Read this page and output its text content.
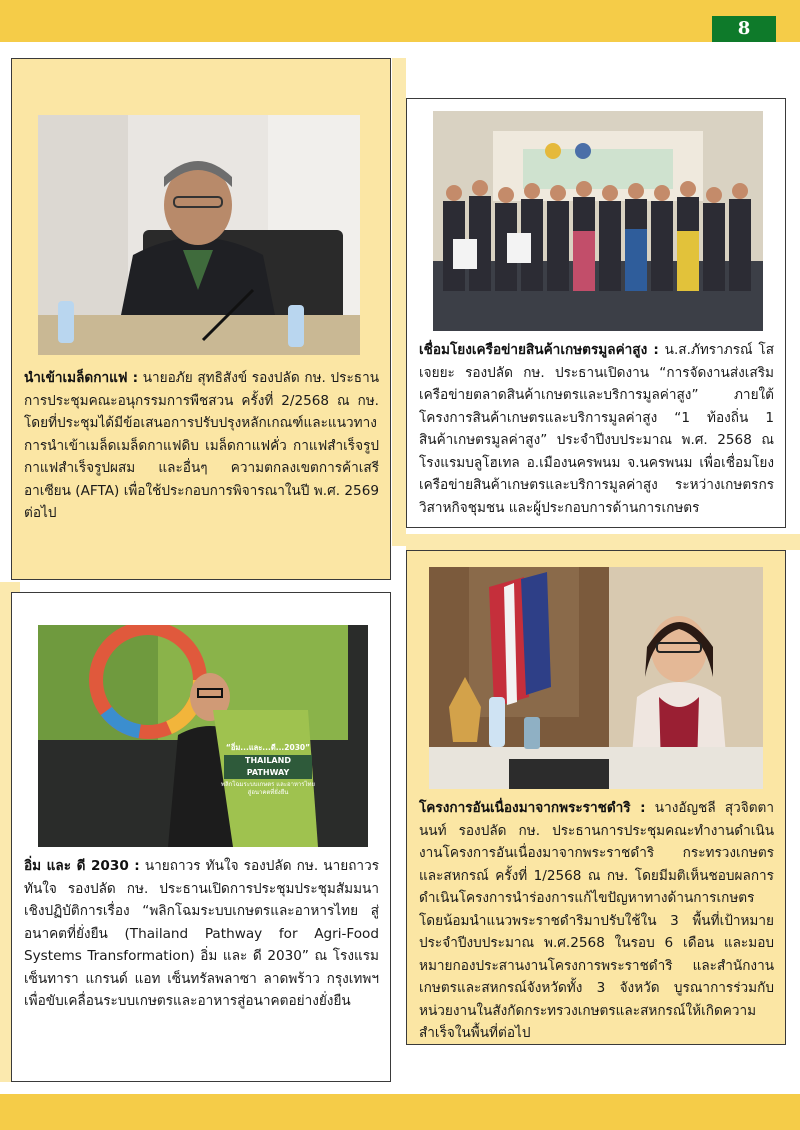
8
นำเข้าเมล็ดกาแฟ : นายอภัย สุทธิสังข์ รองปลัด กษ. ประธานการประชุมคณะอนุกรรมการพืชสวน ครั้งที่ 2/2568 ณ กษ. โดยที่ประชุมได้มีข้อเสนอการปรับปรุงหลักเกณฑ์และแนวทางการนำเข้าเมล็ดเมล็ดกาแฟดิบ เมล็ดกาแฟคั่ว กาแฟสำเร็จรูป กาแฟสำเร็จรูปผสม และอื่นๆ ความตกลงเขตการค้าเสรีอาเซียน (AFTA) เพื่อใช้ประกอบการพิจารณาในปี พ.ศ. 2569 ต่อไป
เชื่อมโยงเครือข่ายสินค้าเกษตรมูลค่าสูง : น.ส.ภัทราภรณ์ โสเจยยะ รองปลัด กษ. ประธานเปิดงาน “การจัดงานส่งเสริมเครือข่ายตลาดสินค้าเกษตรและบริการมูลค่าสูง” ภายใต้โครงการสินค้าเกษตรและบริการมูลค่าสูง “1 ท้องถิ่น 1 สินค้าเกษตรมูลค่าสูง” ประจำปีงบประมาณ พ.ศ. 2568 ณ โรงแรมบลูโฮเทล อ.เมืองนครพนม จ.นครพนม เพื่อเชื่อมโยงเครือข่ายสินค้าเกษตรและบริการมูลค่าสูง ระหว่างเกษตรกร วิสาหกิจชุมชน และผู้ประกอบการด้านการเกษตร
“อิ่ม...และ...ดี...2030”
THAILAND PATHWAY
พลิกโฉมระบบเกษตร และอาหารไทย สู่อนาคตที่ยั่งยืน
อิ่ม และ ดี 2030 : นายถาวร ทันใจ รองปลัด กษ. นายถาวร ทันใจ รองปลัด กษ. ประธานเปิดการประชุมประชุมสัมมนาเชิงปฏิบัติการเรื่อง “พลิกโฉมระบบเกษตรและอาหารไทย สู่อนาคตที่ยั่งยืน (Thailand Pathway for Agri-Food Systems Transformation) อิ่ม และ ดี 2030” ณ โรงแรมเซ็นทารา แกรนด์ แอท เซ็นทรัลพลาซา ลาดพร้าว กรุงเทพฯ เพื่อขับเคลื่อนระบบเกษตรและอาหารสู่อนาคตอย่างยั่งยืน
โครงการอันเนื่องมาจากพระราชดำริ : นางอัญชลี สุวจิตตานนท์ รองปลัด กษ. ประธานการประชุมคณะทำงานดำเนินงานโครงการอันเนื่องมาจากพระราชดำริ กระทรวงเกษตรและสหกรณ์ ครั้งที่ 1/2568 ณ กษ. โดยมีมติเห็นชอบผลการดำเนินโครงการนำร่องการแก้ไขปัญหาทางด้านการเกษตรโดยน้อมนำแนวพระราชดำริมาปรับใช้ใน 3 พื้นที่เป้าหมาย ประจำปีงบประมาณ พ.ศ.2568 ในรอบ 6 เดือน และมอบหมายกองประสานงานโครงการพระราชดำริ และสำนักงานเกษตรและสหกรณ์จังหวัดทั้ง 3 จังหวัด บูรณาการร่วมกับหน่วยงานในสังกัดกระทรวงเกษตรและสหกรณ์ให้เกิดความสำเร็จในพื้นที่ต่อไป
